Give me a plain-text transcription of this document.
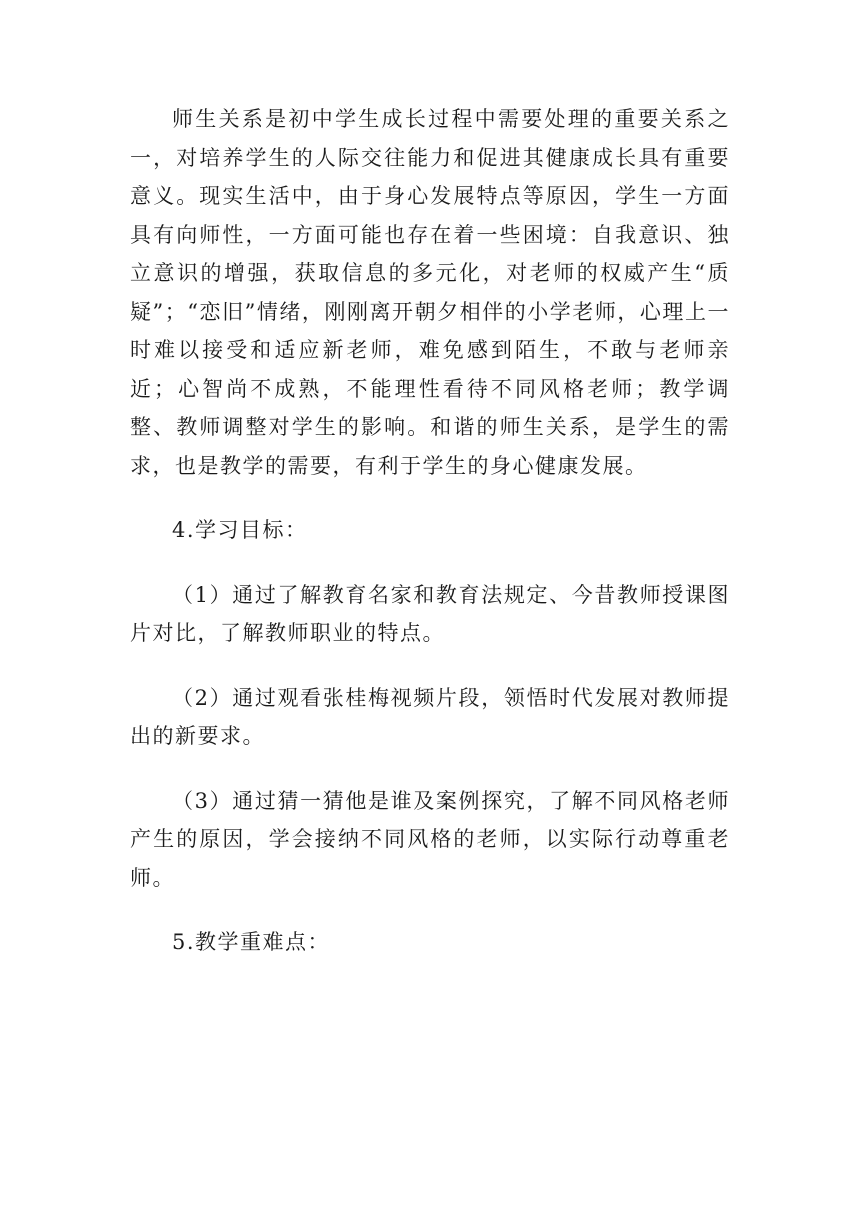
师生关系是初中学生成长过程中需要处理的重要关系之一，对培养学生的人际交往能力和促进其健康成长具有重要意义。现实生活中，由于身心发展特点等原因，学生一方面具有向师性，一方面可能也存在着一些困境：自我意识、独立意识的增强，获取信息的多元化，对老师的权威产生“质疑”；“恋旧”情绪，刚刚离开朝夕相伴的小学老师，心理上一时难以接受和适应新老师，难免感到陌生，不敢与老师亲近；心智尚不成熟，不能理性看待不同风格老师；教学调整、教师调整对学生的影响。和谐的师生关系，是学生的需求，也是教学的需要，有利于学生的身心健康发展。

4.学习目标：

（1）通过了解教育名家和教育法规定、今昔教师授课图片对比，了解教师职业的特点。

（2）通过观看张桂梅视频片段，领悟时代发展对教师提出的新要求。

（3）通过猜一猜他是谁及案例探究，了解不同风格老师产生的原因，学会接纳不同风格的老师，以实际行动尊重老师。

5.教学重难点：
